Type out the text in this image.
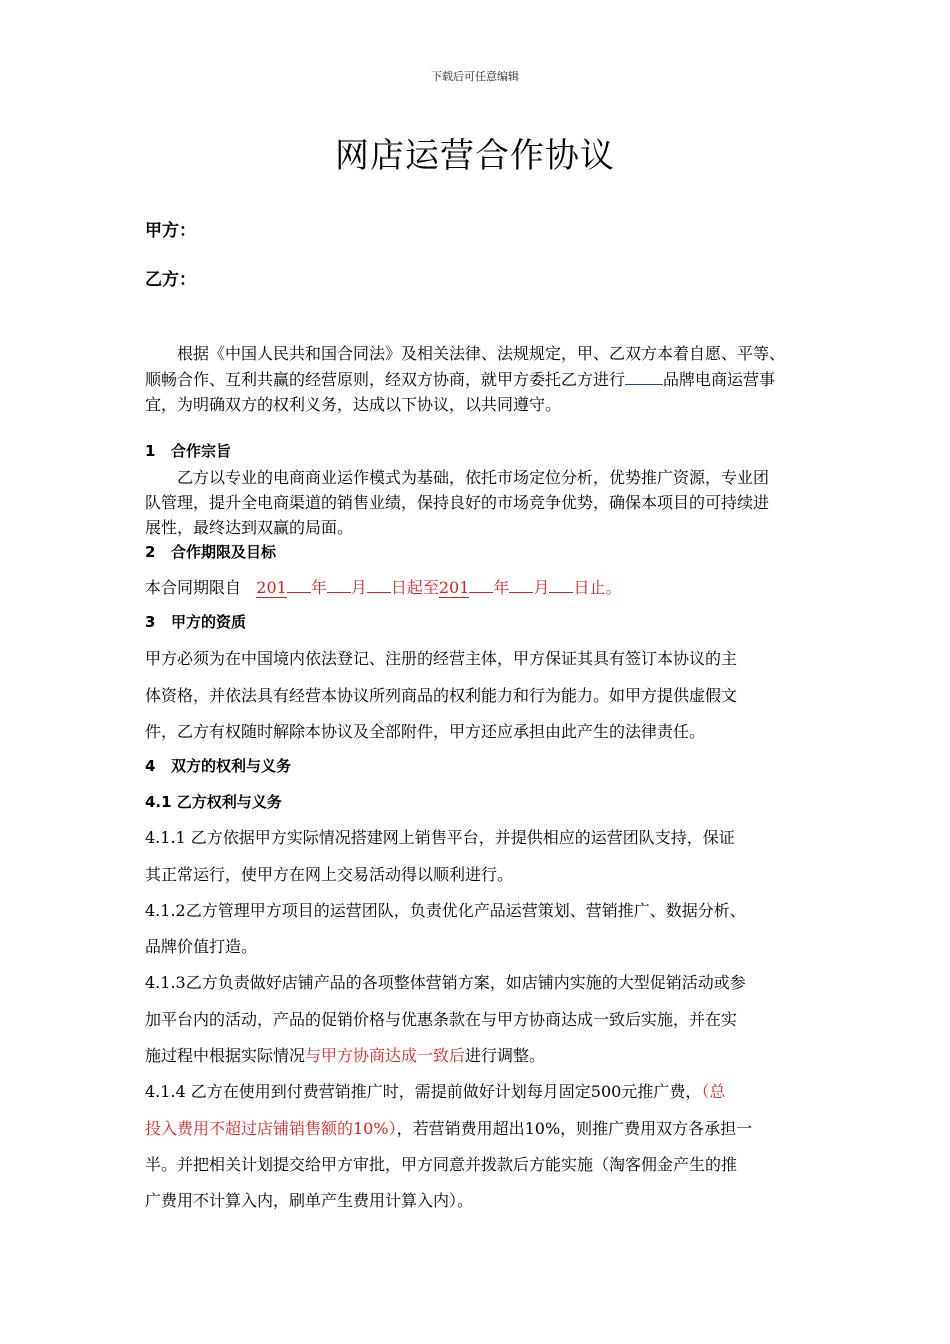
下载后可任意编辑
网店运营合作协议
甲方：
乙方：

根据《中国人民共和国合同法》及相关法律、法规规定，甲、乙双方本着自愿、平等、

顺畅合作、互利共赢的经营原则，经双方协商，就甲方委托乙方进行 品牌电商运营事

宜，为明确双方的权利义务，达成以下协议，以共同遵守。

1 合作宗旨

乙方以专业的电商商业运作模式为基础，依托市场定位分析，优势推广资源，专业团

队管理，提升全电商渠道的销售业绩，保持良好的市场竞争优势，确保本项目的可持续进

展性，最终达到双赢的局面。

2 合作期限及目标

本合同期限自 201 年 月 日起至201 年 月 日止。

3 甲方的资质

甲方必须为在中国境内依法登记、注册的经营主体，甲方保证其具有签订本协议的主

体资格，并依法具有经营本协议所列商品的权利能力和行为能力。如甲方提供虚假文

件，乙方有权随时解除本协议及全部附件，甲方还应承担由此产生的法律责任。

4 双方的权利与义务

4.1 乙方权利与义务

4.1.1 乙方依据甲方实际情况搭建网上销售平台，并提供相应的运营团队支持，保证

其正常运行，使甲方在网上交易活动得以顺利进行。

4.1.2乙方管理甲方项目的运营团队，负责优化产品运营策划、营销推广、数据分析、

品牌价值打造。

4.1.3乙方负责做好店铺产品的各项整体营销方案，如店铺内实施的大型促销活动或参

加平台内的活动，产品的促销价格与优惠条款在与甲方协商达成一致后实施，并在实

施过程中根据实际情况与甲方协商达成一致后进行调整。

4.1.4 乙方在使用到付费营销推广时，需提前做好计划每月固定500元推广费，（总

投入费用不超过店铺销售额的10%），若营销费用超出10%，则推广费用双方各承担一

半。并把相关计划提交给甲方审批，甲方同意并拨款后方能实施（淘客佣金产生的推

广费用不计算入内，刷单产生费用计算入内）。
